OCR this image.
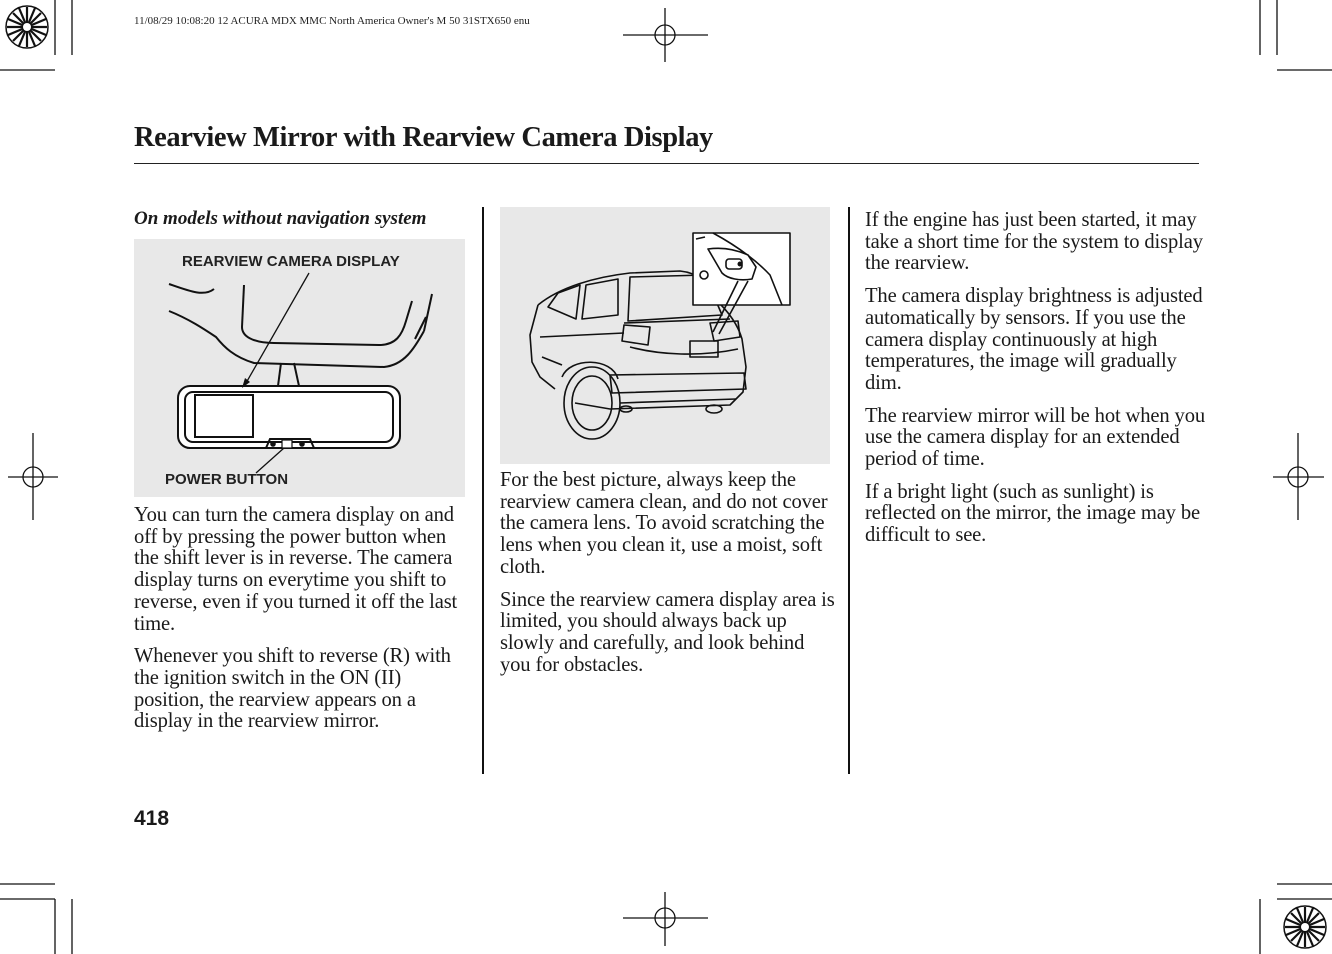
11/08/29 10:08:20 12 ACURA MDX MMC North America Owner's M 50 31STX650 enu
Rearview Mirror with Rearview Camera Display
On models without navigation system
REARVIEW CAMERA DISPLAY
POWER BUTTON

You can turn the camera display on and off by pressing the power button when the shift lever is in reverse. The camera display turns on everytime you shift to reverse, even if you turned it off the last time.

Whenever you shift to reverse (R) with the ignition switch in the ON (II) position, the rearview appears on a display in the rearview mirror.

For the best picture, always keep the rearview camera clean, and do not cover the camera lens. To avoid scratching the lens when you clean it, use a moist, soft cloth.

Since the rearview camera display area is limited, you should always back up slowly and carefully, and look behind you for obstacles.

If the engine has just been started, it may take a short time for the system to display the rearview.

The camera display brightness is adjusted automatically by sensors. If you use the camera display continuously at high temperatures, the image will gradually dim.

The rearview mirror will be hot when you use the camera display for an extended period of time.

If a bright light (such as sunlight) is reflected on the mirror, the image may be difficult to see.

418
